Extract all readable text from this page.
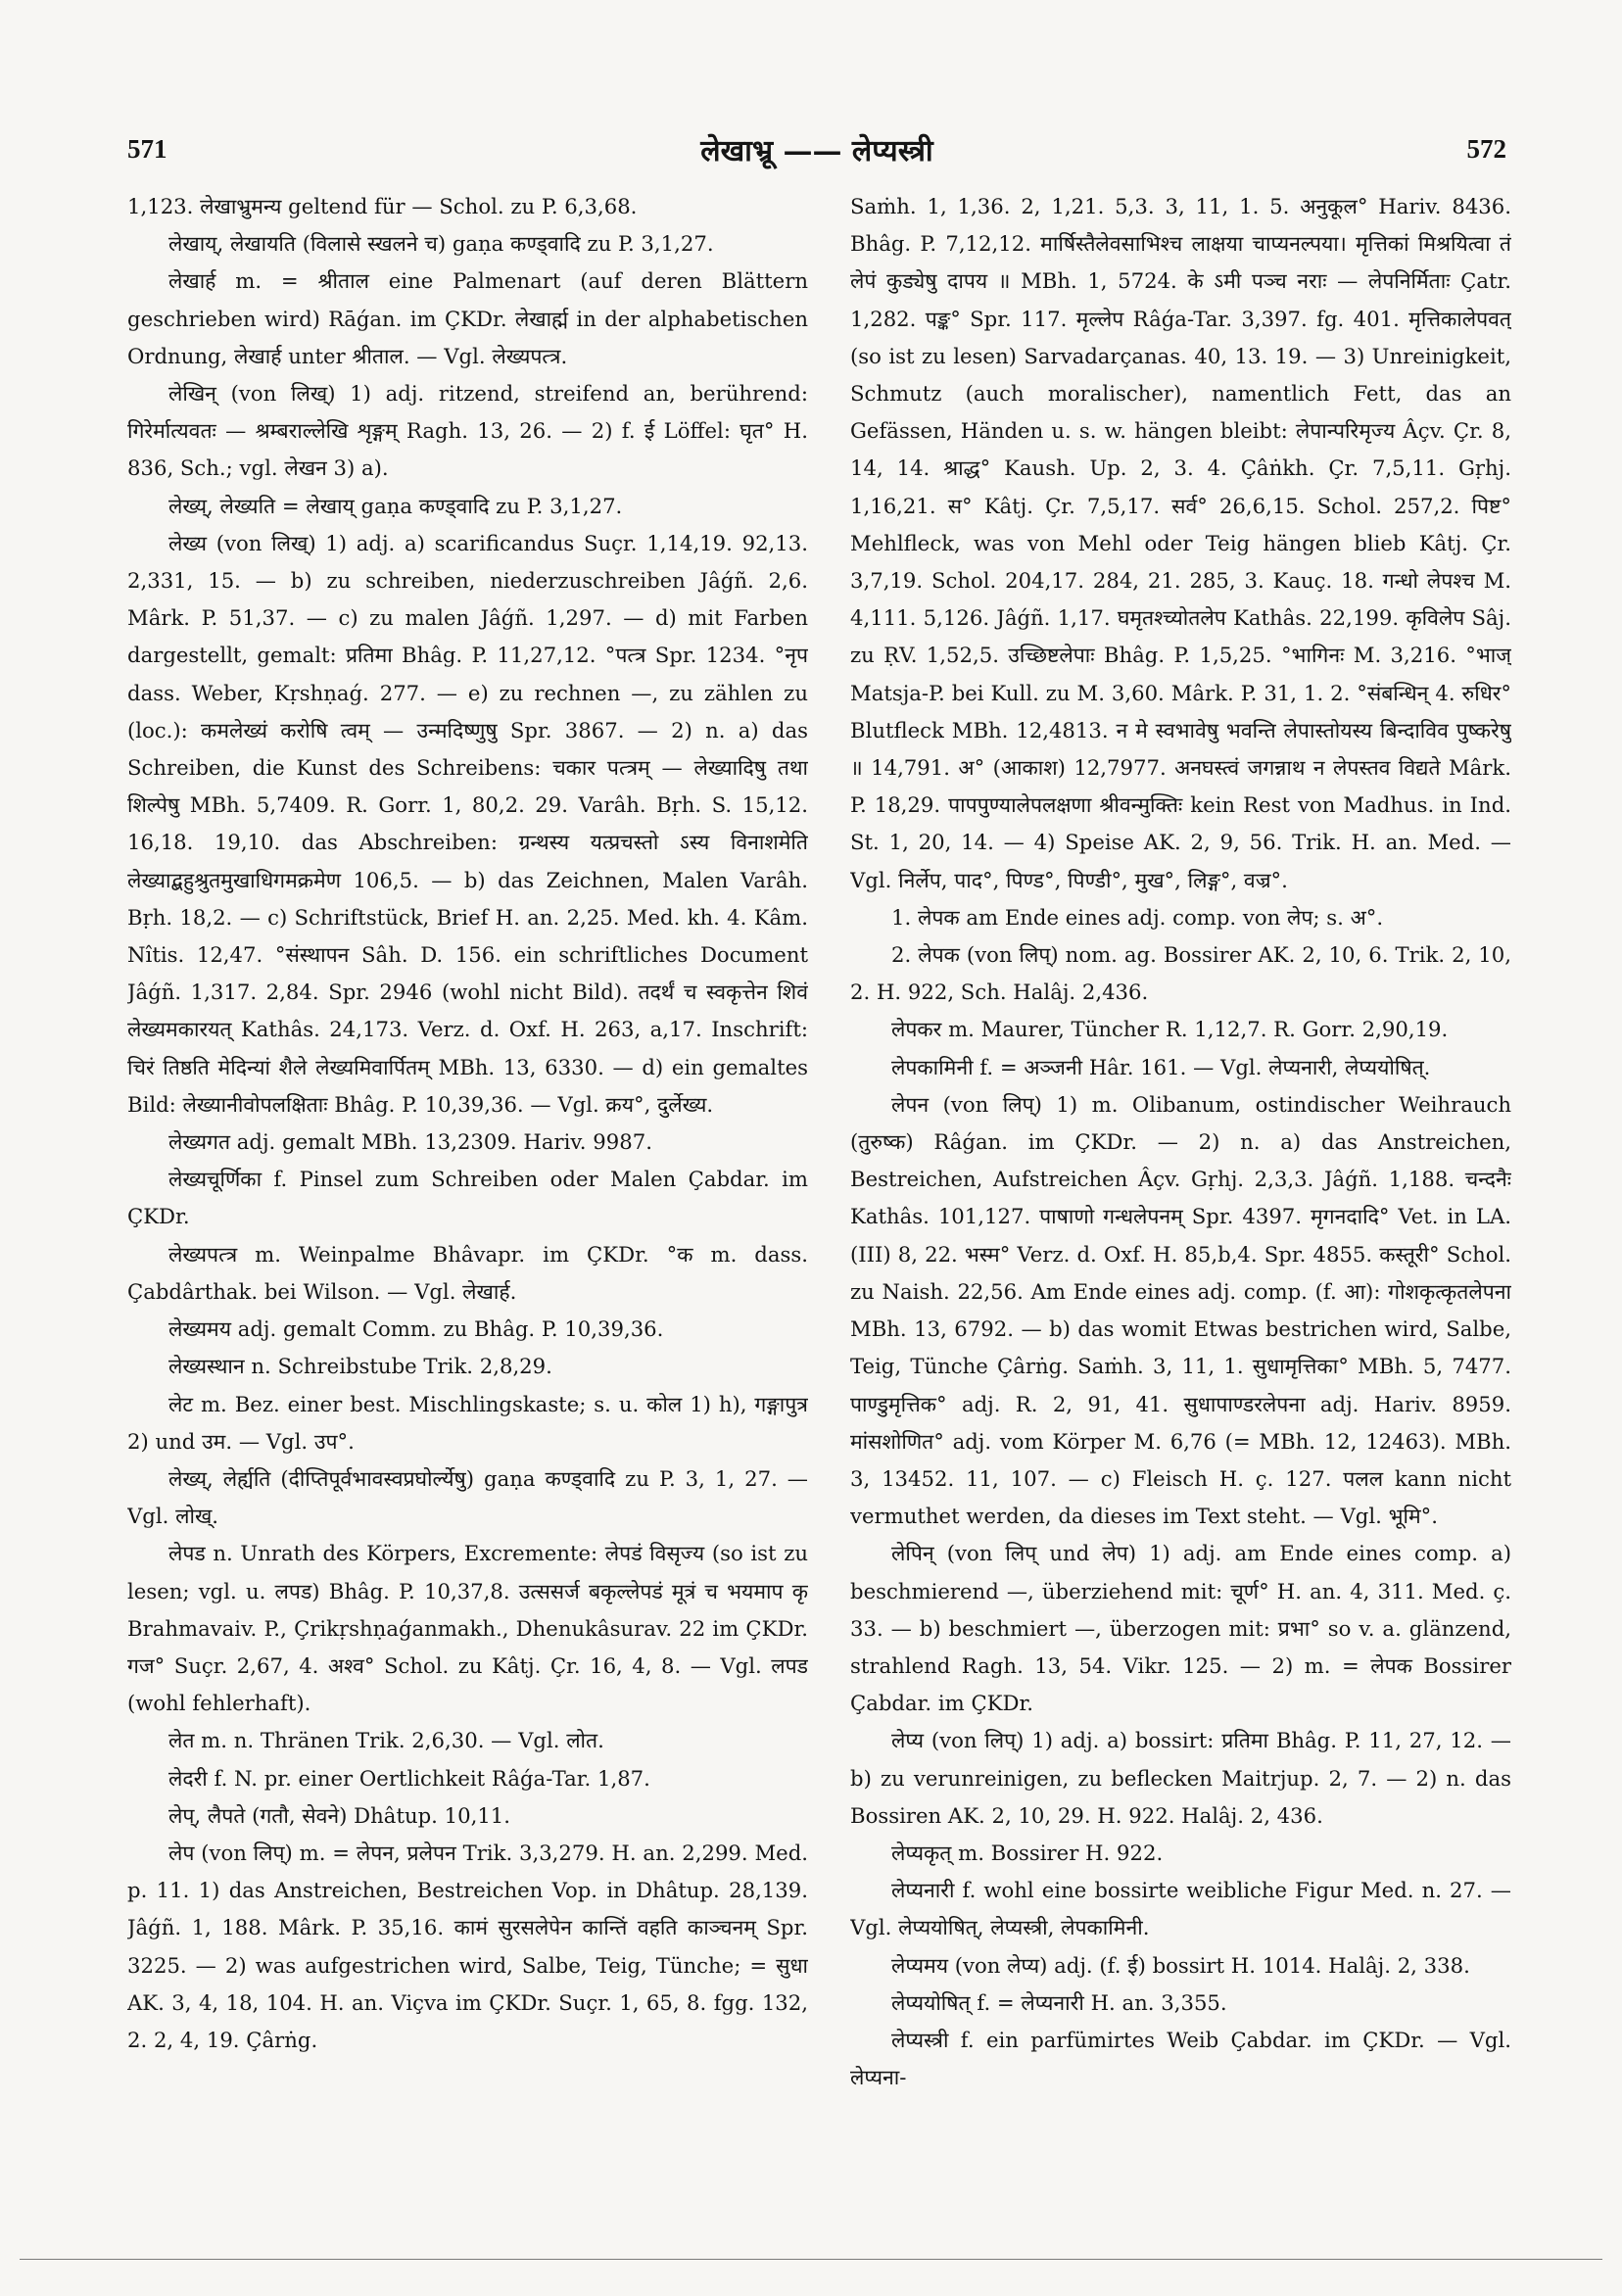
571	लेखाभ्रू —— लेप्यस्त्री	572

1,123. लेखाभ्रुमन्य geltend für — Schol. zu P. 6,3,68.

लेखाय्, लेखायति (विलासे स्खलने च) gaṇa कण्ड्वादि zu P. 3,1,27.

लेखार्ह m. = श्रीताल eine Palmenart (auf deren Blättern geschrieben wird) Rāǵan. im ÇKDr. लेखार्ह्म in der alphabetischen Ordnung, लेखार्ह unter श्रीताल. — Vgl. लेख्यपत्त्र.

लेखिन् (von लिख्) 1) adj. ritzend, streifend an, berührend: गिरेर्मात्यवतः — श्रम्बराल्लेखि शृङ्गम् Ragh. 13, 26. — 2) f. ई Löffel: घृत° H. 836, Sch.; vgl. लेखन 3) a).

लेख्य्, लेख्यति = लेखाय् gaṇa कण्ड्वादि zu P. 3,1,27.

लेख्य (von लिख्) 1) adj. a) scarificandus Suçr. 1,14,19. 92,13. 2,331, 15. — b) zu schreiben, niederzuschreiben Jâǵñ. 2,6. Mârk. P. 51,37. — c) zu malen Jâǵñ. 1,297. — d) mit Farben dargestellt, gemalt: प्रतिमा Bhâg. P. 11,27,12. °पत्त्र Spr. 1234. °नृप dass. Weber, Kṛshṇaǵ. 277. — e) zu rechnen —, zu zählen zu (loc.): कमलेख्यं करोषि त्वम् — उन्मदिष्णुषु Spr. 3867. — 2) n. a) das Schreiben, die Kunst des Schreibens: चकार पत्त्रम् — लेख्यादिषु तथा शिल्पेषु MBh. 5,7409. R. Gorr. 1, 80,2. 29. Varâh. Bṛh. S. 15,12. 16,18. 19,10. das Abschreiben: ग्रन्थस्य यत्प्रचस्तो ऽस्य विनाशमेति लेख्याद्बहुश्रुतमुखाधिगमक्रमेण 106,5. — b) das Zeichnen, Malen Varâh. Bṛh. 18,2. — c) Schriftstück, Brief H. an. 2,25. Med. kh. 4. Kâm. Nîtis. 12,47. °संस्थापन Sâh. D. 156. ein schriftliches Document Jâǵñ. 1,317. 2,84. Spr. 2946 (wohl nicht Bild). तदर्थं च स्वकृत्तेन शिवं लेख्यमकारयत् Kathâs. 24,173. Verz. d. Oxf. H. 263, a,17. Inschrift: चिरं तिष्ठति मेदिन्यां शैले लेख्यमिवार्पितम् MBh. 13, 6330. — d) ein gemaltes Bild: लेख्यानीवोपलक्षिताः Bhâg. P. 10,39,36. — Vgl. क्रय°, दुर्लेख्य.

लेख्यगत adj. gemalt MBh. 13,2309. Hariv. 9987.

लेख्यचूर्णिका f. Pinsel zum Schreiben oder Malen Çabdar. im ÇKDr.

लेख्यपत्त्र m. Weinpalme Bhâvapr. im ÇKDr. °क m. dass. Çabdârthak. bei Wilson. — Vgl. लेखार्ह.

लेख्यमय adj. gemalt Comm. zu Bhâg. P. 10,39,36.

लेख्यस्थान n. Schreibstube Trik. 2,8,29.

लेट m. Bez. einer best. Mischlingskaste; s. u. कोल 1) h), गङ्गापुत्र 2) und उम. — Vgl. उप°.

लेख्य्, लेर्ह्यति (दीप्तिपूर्वभावस्वप्रघोर्ल्येषु) gaṇa कण्ड्वादि zu P. 3, 1, 27. — Vgl. लोख्.

लेपड n. Unrath des Körpers, Excremente: लेपडं विसृज्य (so ist zu lesen; vgl. u. लपड) Bhâg. P. 10,37,8. उत्ससर्ज बकृल्लेपडं मूत्रं च भयमाप कृ Brahmavaiv. P., Çrikṛshṇaǵanmakh., Dhenukâsurav. 22 im ÇKDr. गज° Suçr. 2,67, 4. अश्व° Schol. zu Kâtj. Çr. 16, 4, 8. — Vgl. लपड (wohl fehlerhaft).

लेत m. n. Thränen Trik. 2,6,30. — Vgl. लोत.

लेदरी f. N. pr. einer Oertlichkeit Râǵa-Tar. 1,87.

लेप्, लैपते (गतौ, सेवने) Dhâtup. 10,11.

लेप (von लिप्) m. = लेपन, प्रलेपन Trik. 3,3,279. H. an. 2,299. Med. p. 11. 1) das Anstreichen, Bestreichen Vop. in Dhâtup. 28,139. Jâǵñ. 1, 188. Mârk. P. 35,16. कामं सुरसलेपेन कान्तिं वहति काञ्चनम् Spr. 3225. — 2) was aufgestrichen wird, Salbe, Teig, Tünche; = सुधा AK. 3, 4, 18, 104. H. an. Viçva im ÇKDr. Suçr. 1, 65, 8. fgg. 132, 2. 2, 4, 19. Çârṅg.

Saṁh. 1, 1,36. 2, 1,21. 5,3. 3, 11, 1. 5. अनुकूल° Hariv. 8436. Bhâg. P. 7,12,12. मार्षिस्तैलेवसाभिश्च लाक्षया चाप्यनल्पया। मृत्तिकां मिश्रयित्वा तं लेपं कुड्येषु दापय ॥ MBh. 1, 5724. के ऽमी पञ्च नराः — लेपनिर्मिताः Çatr. 1,282. पङ्क° Spr. 117. मृल्लेप Râǵa-Tar. 3,397. fg. 401. मृत्तिकालेपवत् (so ist zu lesen) Sarvadarçanas. 40, 13. 19. — 3) Unreinigkeit, Schmutz (auch moralischer), namentlich Fett, das an Gefässen, Händen u. s. w. hängen bleibt: लेपान्परिमृज्य Âçv. Çr. 8, 14, 14. श्राद्ध° Kaush. Up. 2, 3. 4. Çâṅkh. Çr. 7,5,11. Gṛhj. 1,16,21. स° Kâtj. Çr. 7,5,17. सर्व° 26,6,15. Schol. 257,2. पिष्ट° Mehlfleck, was von Mehl oder Teig hängen blieb Kâtj. Çr. 3,7,19. Schol. 204,17. 284, 21. 285, 3. Kauç. 18. गन्धो लेपश्च M. 4,111. 5,126. Jâǵñ. 1,17. घमृतश्च्योतलेप Kathâs. 22,199. कृविलेप Sâj. zu ṚV. 1,52,5. उच्छिष्टलेपाः Bhâg. P. 1,5,25. °भागिनः M. 3,216. °भाज् Matsja-P. bei Kull. zu M. 3,60. Mârk. P. 31, 1. 2. °संबन्धिन् 4. रुधिर° Blutfleck MBh. 12,4813. न मे स्वभावेषु भवन्ति लेपास्तोयस्य बिन्दाविव पुष्करेषु ॥ 14,791. अ° (आकाश) 12,7977. अनघस्त्वं जगन्नाथ न लेपस्तव विद्यते Mârk. P. 18,29. पापपुण्यालेपलक्षणा श्रीवन्मुक्तिः kein Rest von Madhus. in Ind. St. 1, 20, 14. — 4) Speise AK. 2, 9, 56. Trik. H. an. Med. — Vgl. निर्लेप, पाद°, पिण्ड°, पिण्डी°, मुख°, लिङ्ग°, वज्र°.

1. लेपक am Ende eines adj. comp. von लेप; s. अ°.

2. लेपक (von लिप्) nom. ag. Bossirer AK. 2, 10, 6. Trik. 2, 10, 2. H. 922, Sch. Halâj. 2,436.

लेपकर m. Maurer, Tüncher R. 1,12,7. R. Gorr. 2,90,19.

लेपकामिनी f. = अञ्जनी Hâr. 161. — Vgl. लेप्यनारी, लेप्ययोषित्.

लेपन (von लिप्) 1) m. Olibanum, ostindischer Weihrauch (तुरुष्क) Râǵan. im ÇKDr. — 2) n. a) das Anstreichen, Bestreichen, Aufstreichen Âçv. Gṛhj. 2,3,3. Jâǵñ. 1,188. चन्दनैः Kathâs. 101,127. पाषाणो गन्धलेपनम् Spr. 4397. मृगनदादि° Vet. in LA. (III) 8, 22. भस्म° Verz. d. Oxf. H. 85,b,4. Spr. 4855. कस्तूरी° Schol. zu Naish. 22,56. Am Ende eines adj. comp. (f. आ): गोशकृत्कृतलेपना MBh. 13, 6792. — b) das womit Etwas bestrichen wird, Salbe, Teig, Tünche Çârṅg. Saṁh. 3, 11, 1. सुधामृत्तिका° MBh. 5, 7477. पाण्डुमृत्तिक° adj. R. 2, 91, 41. सुधापाण्डरलेपना adj. Hariv. 8959. मांसशोणित° adj. vom Körper M. 6,76 (= MBh. 12, 12463). MBh. 3, 13452. 11, 107. — c) Fleisch H. ç. 127. पलल kann nicht vermuthet werden, da dieses im Text steht. — Vgl. भूमि°.

लेपिन् (von लिप् und लेप) 1) adj. am Ende eines comp. a) beschmierend —, überziehend mit: चूर्ण° H. an. 4, 311. Med. ç. 33. — b) beschmiert —, überzogen mit: प्रभा° so v. a. glänzend, strahlend Ragh. 13, 54. Vikr. 125. — 2) m. = लेपक Bossirer Çabdar. im ÇKDr.

लेप्य (von लिप्) 1) adj. a) bossirt: प्रतिमा Bhâg. P. 11, 27, 12. — b) zu verunreinigen, zu beflecken Maitrjup. 2, 7. — 2) n. das Bossiren AK. 2, 10, 29. H. 922. Halâj. 2, 436.

लेप्यकृत् m. Bossirer H. 922.

लेप्यनारी f. wohl eine bossirte weibliche Figur Med. n. 27. — Vgl. लेप्ययोषित्, लेप्यस्त्री, लेपकामिनी.

लेप्यमय (von लेप्य) adj. (f. ई) bossirt H. 1014. Halâj. 2, 338.

लेप्ययोषित् f. = लेप्यनारी H. an. 3,355.

लेप्यस्त्री f. ein parfümirtes Weib Çabdar. im ÇKDr. — Vgl. लेप्यना-
